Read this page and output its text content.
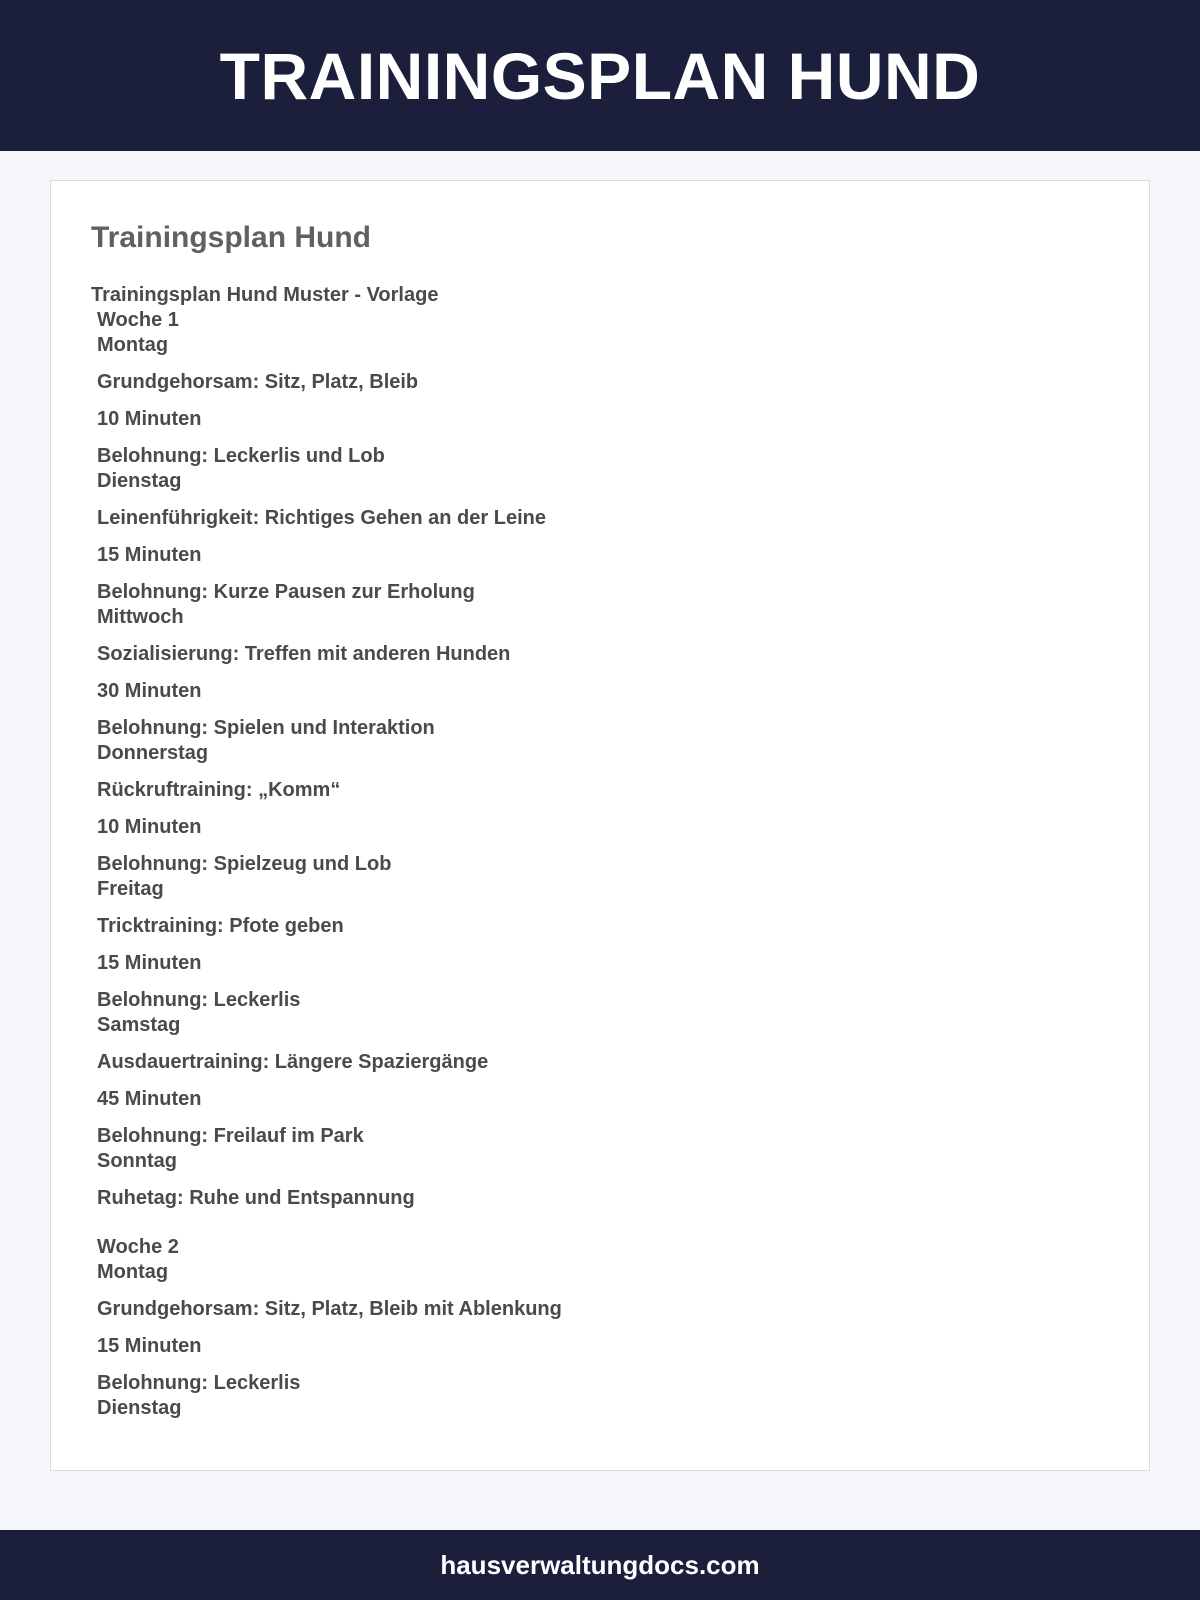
TRAININGSPLAN HUND
Trainingsplan Hund
Trainingsplan Hund Muster - Vorlage
Woche 1
Montag
Grundgehorsam: Sitz, Platz, Bleib
10 Minuten
Belohnung: Leckerlis und Lob
Dienstag
Leinenführigkeit: Richtiges Gehen an der Leine
15 Minuten
Belohnung: Kurze Pausen zur Erholung
Mittwoch
Sozialisierung: Treffen mit anderen Hunden
30 Minuten
Belohnung: Spielen und Interaktion
Donnerstag
Rückruftraining: „Komm“
10 Minuten
Belohnung: Spielzeug und Lob
Freitag
Tricktraining: Pfote geben
15 Minuten
Belohnung: Leckerlis
Samstag
Ausdauertraining: Längere Spaziergänge
45 Minuten
Belohnung: Freilauf im Park
Sonntag
Ruhetag: Ruhe und Entspannung
Woche 2
Montag
Grundgehorsam: Sitz, Platz, Bleib mit Ablenkung
15 Minuten
Belohnung: Leckerlis
Dienstag
hausverwaltungdocs.com
